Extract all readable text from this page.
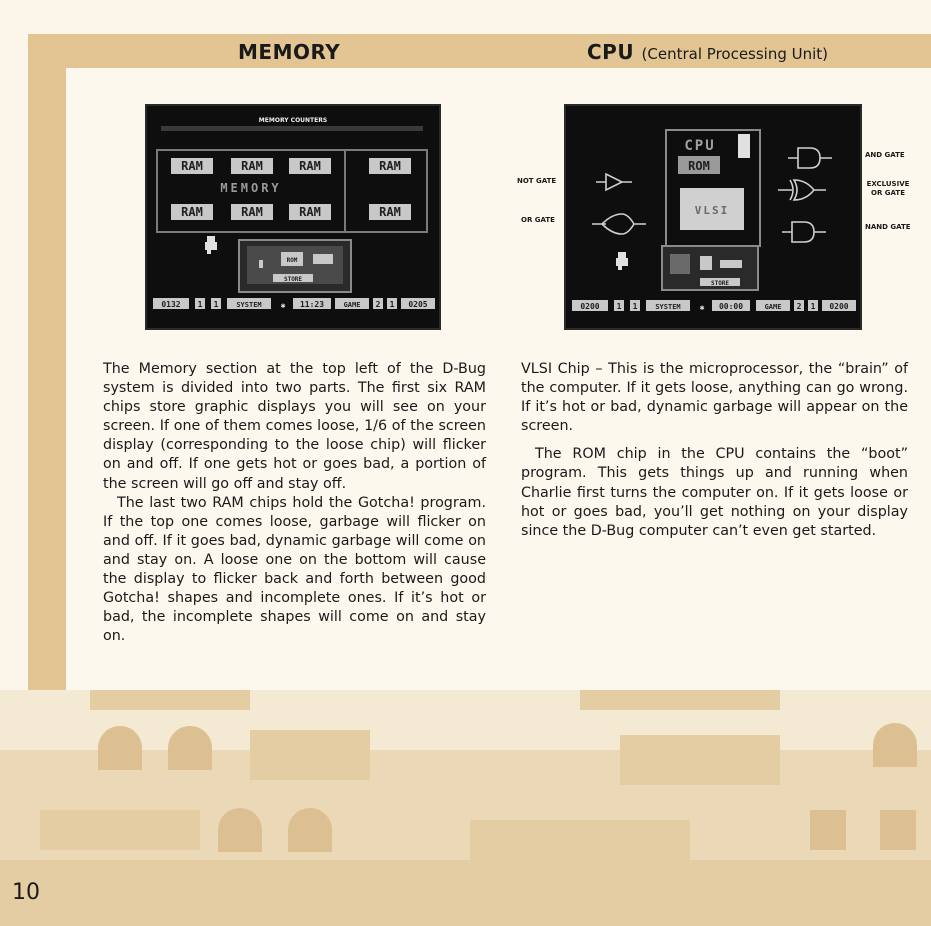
MEMORY	CPU (Central Processing Unit)
MEMORY COUNTERS
RAM	RAM	RAM	RAM
MEMORY
RAM	RAM	RAM	RAM
ROM
STORE
0132 1 1	SYSTEM ✱ 11:23	GAME 2 1 0205
CPU
ROM
VLSI
STORE
0200 1 1	SYSTEM ✱ 00:00	GAME 2 1 0200
NOT GATE
OR GATE
AND GATE
EXCLUSIVE OR GATE
NAND GATE

The Memory section at the top left of the D-Bug system is divided into two parts. The first six RAM chips store graphic displays you will see on your screen. If one of them comes loose, 1/6 of the screen display (corresponding to the loose chip) will flicker on and off. If one gets hot or goes bad, a portion of the screen will go off and stay off.

The last two RAM chips hold the Gotcha! program. If the top one comes loose, garbage will flicker on and off. If it goes bad, dynamic garbage will come on and stay on. A loose one on the bottom will cause the display to flicker back and forth between good Gotcha! shapes and incomplete ones. If it’s hot or bad, the incomplete shapes will come on and stay on.

VLSI Chip – This is the microprocessor, the “brain” of the computer. If it gets loose, anything can go wrong. If it’s hot or bad, dynamic garbage will appear on the screen.

The ROM chip in the CPU contains the “boot” program. This gets things up and running when Charlie first turns the computer on. If it gets loose or hot or goes bad, you’ll get nothing on your display since the D-Bug computer can’t even get started.

10
